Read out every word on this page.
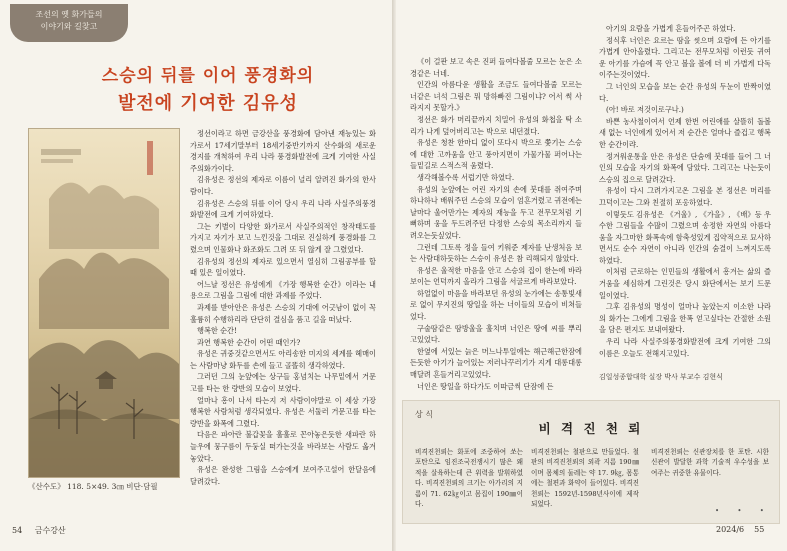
조선의 옛 화가들의
이야기와 길찾고
스승의 뒤를 이어 풍경화의
발전에 기여한 김유성
《산수도》 118. 5×49. 3㎝ 비단·담필

정선이라고 하면 금강산을 풍경화에 담아낸 재능있는 화가로서 17세기말부터 18세기중반기까지 산수화의 새로운 경지를 개척하여 우리 나라 풍경화발전에 크게 기여한 사실주의화가이다.

김유성은 정선의 제자로 이름이 널리 알려진 화가의 한사람이다.

김유성은 스승의 뒤를 이어 당시 우리 나라 사실주의풍경화발전에 크게 기여하였다.

그는 키별이 다양한 화가로서 사실주의적인 창작태도를 가지고 자기가 보고 느낀것을 그대로 진실하게 풍경화를 그렸으며 인물화나 화조화도 그려 또 뒤 않게 잘 그렸었다.

김유성의 정선의 제자로 있으면서 열심히 그림공부를 할 때 있은 일이였다.

어느날 정선은 유성에게 《가장 행복한 순간》이라는 내용으로 그림을 그림에 대한 과제를 주었다.

과제를 받아안은 유성은 스승의 기대에 어긋남이 없이 꼭 훌륭히 수행하리라 단단히 결심을 품고 길을 떠났다.

행복한 순간!

과연 행복한 순간이 어떤 때인가?

유성은 귀중것같으면서도 아리송한 미지의 세계를 헤매이는 사람마냥 화두를 손에 들고 골똘히 생각하였다.

그러던 그의 눈앞에는 상구들 홍넘치는 나무밑에서 거문고를 타는 한 량반의 모습이 보였다.

얼마나 흥이 나서 타는지 저 사람이야말로 이 세상 가장 행복한 사람처럼 생각되였다. 유성은 서둘러 거문고를 타는 량반을 화폭에 그렸다.

다음은 파아란 불갑꽃을 훌훌로 꼰아놓은듯한 새파란 하늘우에 뭉구름이 두둥실 떠가는것을 바라보는 사람도 옮겨놓았다.

유성은 완성한 그림을 스승에게 보여주고설어 한달음에 달려갔다.

54 금수강산

《이 걸판 보고 속은 진퍼 들여다볼줄 모르는 눈은 소경같은 너네.

인간의 아름다운 생활을 조금도 들여다볼줄 모르는 너같은 녀석 그림은 뭐 망하빠진 그림이냐? 어서 썩 사라지지 못할가.》

정선은 화가 머리끝까지 치밀어 유성의 화첩을 탁 소리가 나게 덮어버리고는 박으로 내던졌다.

유성은 청찬 한마디 없이 또다시 박으로 쫓기는 스승에 대한 고까움을 안고 풍아지면이 가물가물 퍼어나는 들밑길로 스적스적 움렸다.

생각해볼수록 서럽기만 하였다.

유성의 눈앞에는 어린 자기의 손에 붓대를 쥐여주며 하나하나 배워주던 스승의 모습이 엄흔거렸고 귀전에는 날마다 울어만가는 제자의 재능을 두고 전무모처럼 기뻐하며 웅을 두드려주던 다정한 스승의 목소리까지 들려오는듯싶었다.

그런데 그토록 정을 들여 키워준 제자를 난생처음 보는 사람대하듯하는 스승이 유성은 참 리해되지 않았다.

유성은 울적한 마음을 안고 스승의 집이 한는에 바라보이는 언덕까지 올라가 그림을 서굴르게 바라보았다.

하얼없이 마음을 바라보던 유성의 눈가에는 송통빛새로 없이 무지진의 땅일을 하는 너이들의 모습이 비쳐들었다.

구술땀같은 땀방울을 훌치며 너인은 땅에 씨를 뿌리고있었다.

한옆에 서있는 늙은 머느나투일에는 해근해근한잠에 든듯한 아기가 늘어있는 저러나꾸러기가 지게 대롱대롱 매달려 흔들거리고있었다.

너인은 땅일을 하다가도 이따금씩 단잠에 든

아기의 요람을 가볍게 흔들어주곤 하였다.

정식후 너인은 요르는 땀을 씻으며 요람에 든 아기를 가볍게 안아올렸다. 그리고는 전무모처럼 이런듯 귀여운 아기를 가슴에 꼭 안고 볼을 볼에 더 비 가볍게 다독이주는것이였다.

그 너인의 모습을 보는 순간 유성의 두눈이 반짝이였다.

(아! 바로 저것이로구나.)

바쁜 농사철이여서 언제 한번 어린애를 살뜰히 돌볼새 없는 너인에게 있어서 저 순간은 얼마나 즐겁고 행복한 순간이랴.

정겨워운통을 안은 유성은 단숨에 붓대를 들어 그 너인의 모습을 자기의 화폭에 담았다. 그리고는 나는듯이 스승의 집으로 달려갔다.

유성이 다시 그려가지고온 그림을 본 정선은 머리를 끄덕이고는 그와 친절히 포옹하였다.

이렇듯도 김유성은 《거울》, 《가을》, 《배》등 우수한 그림들을 수많이 그렸으며 송정한 자연의 아름다움을 자그마한 화폭속에 함축성있게 집약적으로 묘사하면서도 순수 자연이 아니라 인간의 숨결이 느껴지도록 하였다.

이처럼 근로하는 인민들의 생활에서 흥겨는 삶의 즐거움을 세심하게 그린것은 당시 화단에서는 보기 드문 일이였다.

그후 김유성의 명성이 얼마나 높았는지 이소한 나라의 화가는 그에게 그림을 한폭 얻고싶다는 간절한 소원을 담은 편지도 보내여왔다.

우리 나라 사실주의풍경화발전에 크게 기여한 그의 이름은 오늘도 전해지고있다.

김일성종합대학 실장 박사 부교수 김현식
2024/6 55
상 식
비 격 진 천 뢰
비격진천뢰는 화포에 조중하여 쏘는 포탄으로 임진조국전쟁시기 많은 왜적을 살육하는데 큰 위력을 발휘하였다. 비격진천뢰의 크기는 아가리의 지름이 71. 62㎏이고 몸집이 190㎜이다.
비격진천뢰는 철판으로 만들었다. 철판의 비격진천뢰의 외곽 지름 190㎜이며 몸체의 둘레는 약 17. 9㎏, 몸통에는 철편과 화약이 들어있다. 비격진천뢰는 1592년-1598년사이에 제작되었다.
비격진천뢰는 신관장치를 한 포탄. 시한신관이 발달한 과학 기술적 우수성을 보여주는 귀중한 유물이다.
• • •
